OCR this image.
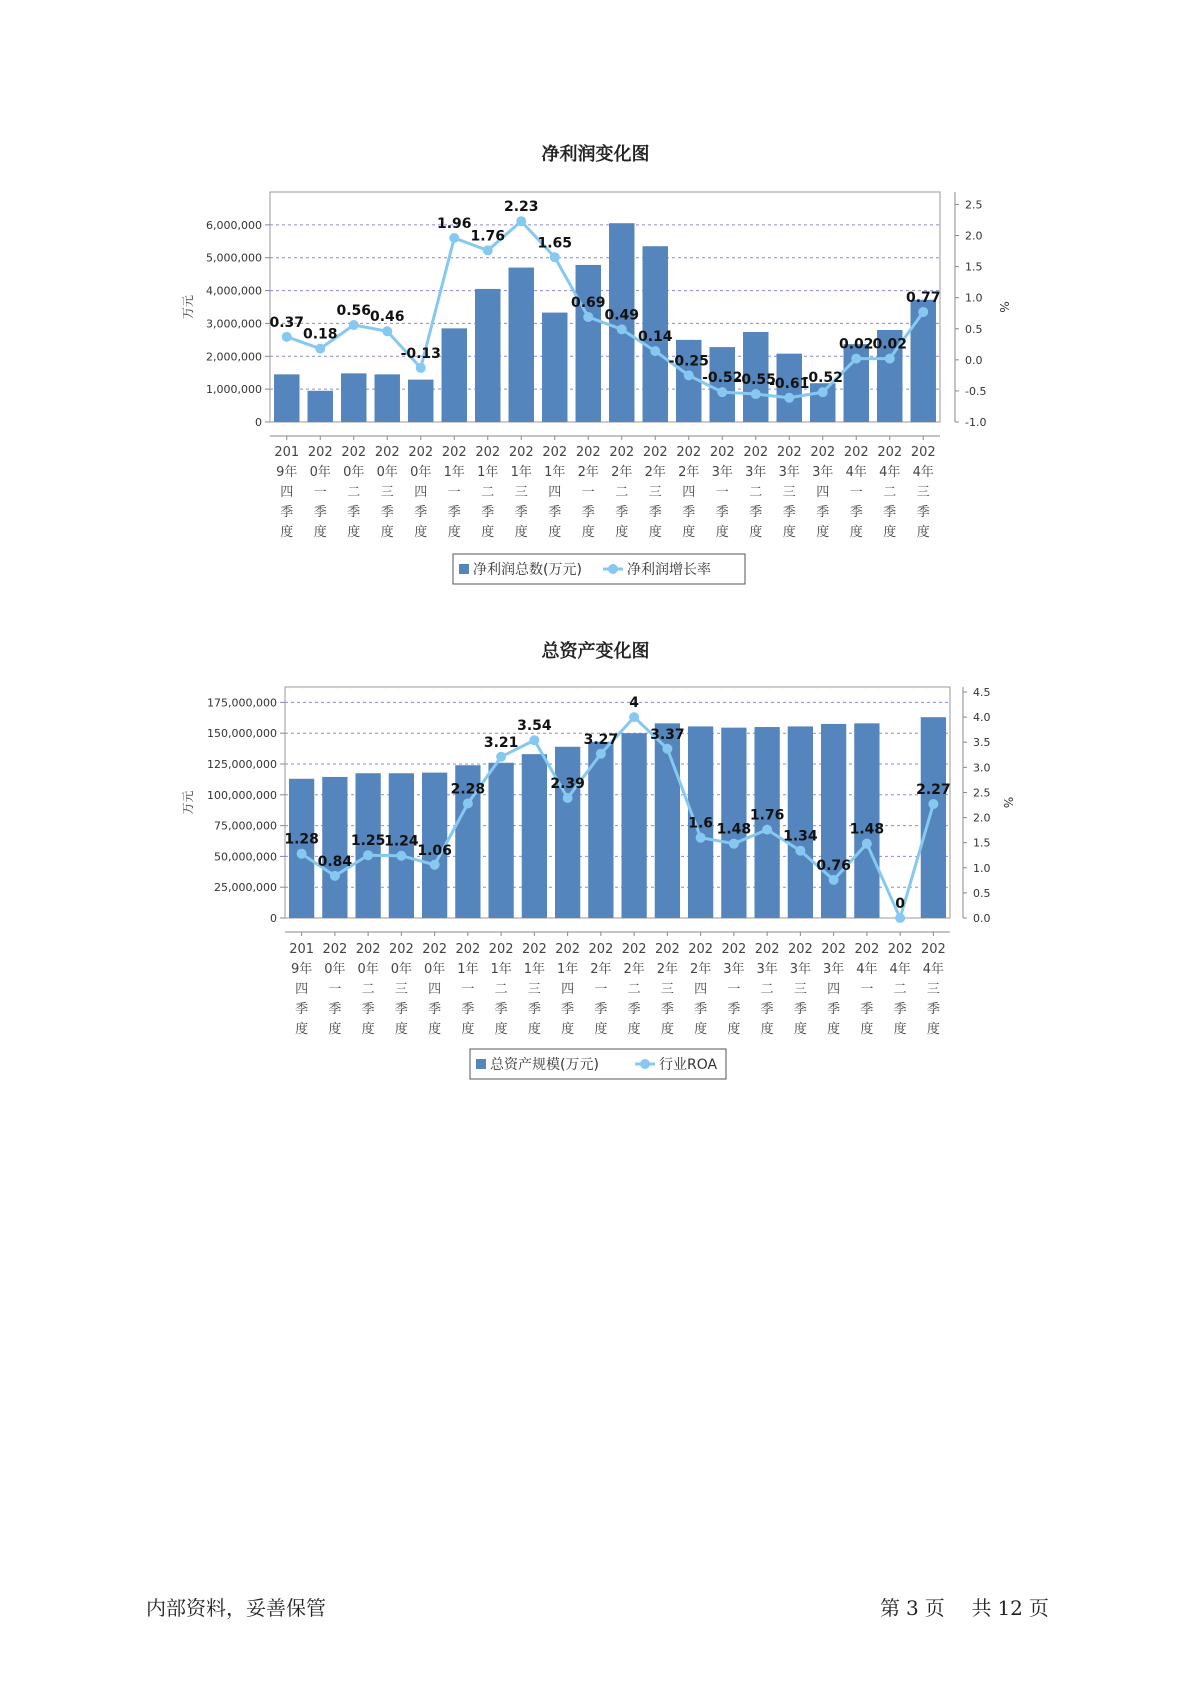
净利润变化图
0
1,000,000
2,000,000
3,000,000
4,000,000
5,000,000
6,000,000
-1.0
-0.5
0.0
0.5
1.0
1.5
2.0
2.5
万元	%
201
9年
四
季
度
202
0年
一
季
度
202
0年
二
季
度
202
0年
三
季
度
202
0年
四
季
度
202
1年
一
季
度
202
1年
二
季
度
202
1年
三
季
度
202
1年
四
季
度
202
2年
一
季
度
202
2年
二
季
度
202
2年
三
季
度
202
2年
四
季
度
202
3年
一
季
度
202
3年
二
季
度
202
3年
三
季
度
202
3年
四
季
度
202
4年
一
季
度
202
4年
二
季
度
202
4年
三
季
度
0.37
0.18
0.56
0.46
-0.13
1.96
1.76
2.23
1.65
0.69
0.49
0.14
-0.25
-0.52
-0.55
-0.61
-0.52
0.02
0.02
0.77
净利润总数(万元)	净利润增长率
总资产变化图
0
25,000,000
50,000,000
75,000,000
100,000,000
125,000,000
150,000,000
175,000,000
0.0
0.5
1.0
1.5
2.0
2.5
3.0
3.5
4.0
4.5
万元	%
201
9年
四
季
度
202
0年
一
季
度
202
0年
二
季
度
202
0年
三
季
度
202
0年
四
季
度
202
1年
一
季
度
202
1年
二
季
度
202
1年
三
季
度
202
1年
四
季
度
202
2年
一
季
度
202
2年
二
季
度
202
2年
三
季
度
202
2年
四
季
度
202
3年
一
季
度
202
3年
二
季
度
202
3年
三
季
度
202
3年
四
季
度
202
4年
一
季
度
202
4年
二
季
度
202
4年
三
季
度
1.28
0.84
1.25
1.24
1.06
2.28
3.21
3.54
2.39
3.27
4
3.37
1.6 1.48
1.76
1.34
0.76
1.48
0
2.27
总资产规模(万元)	行业ROA
内部资料，妥善保管	第 3 页 共 12 页
